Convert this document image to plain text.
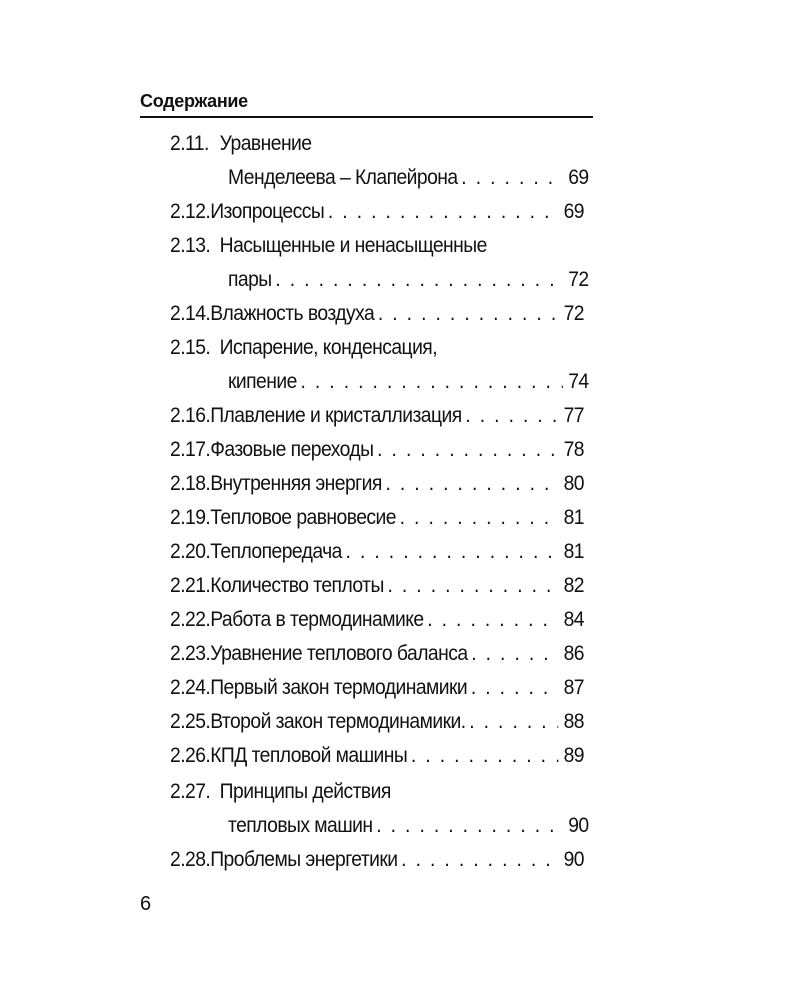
Содержание
2.11. Уравнение
Менделеева – Клапейрона . . .	69
2.12. Изопроцессы . . .	69
2.13. Насыщенные и ненасыщенные
пары . . .	72
2.14. Влажность воздуха . . .	72
2.15. Испарение, конденсация,
кипение . . .	74
2.16. Плавление и кристаллизация . . .	77
2.17. Фазовые переходы . . .	78
2.18. Внутренняя энергия . . .	80
2.19. Тепловое равновесие . . .	81
2.20. Теплопередача . . .	81
2.21. Количество теплоты . . .	82
2.22. Работа в термодинамике . . .	84
2.23. Уравнение теплового баланса . . .	86
2.24. Первый закон термодинамики . . .	87
2.25. Второй закон термодинамики. . . .	88
2.26. КПД тепловой машины . . .	89
2.27. Принципы действия
тепловых машин . . .	90
2.28. Проблемы энергетики . . .	90
6
